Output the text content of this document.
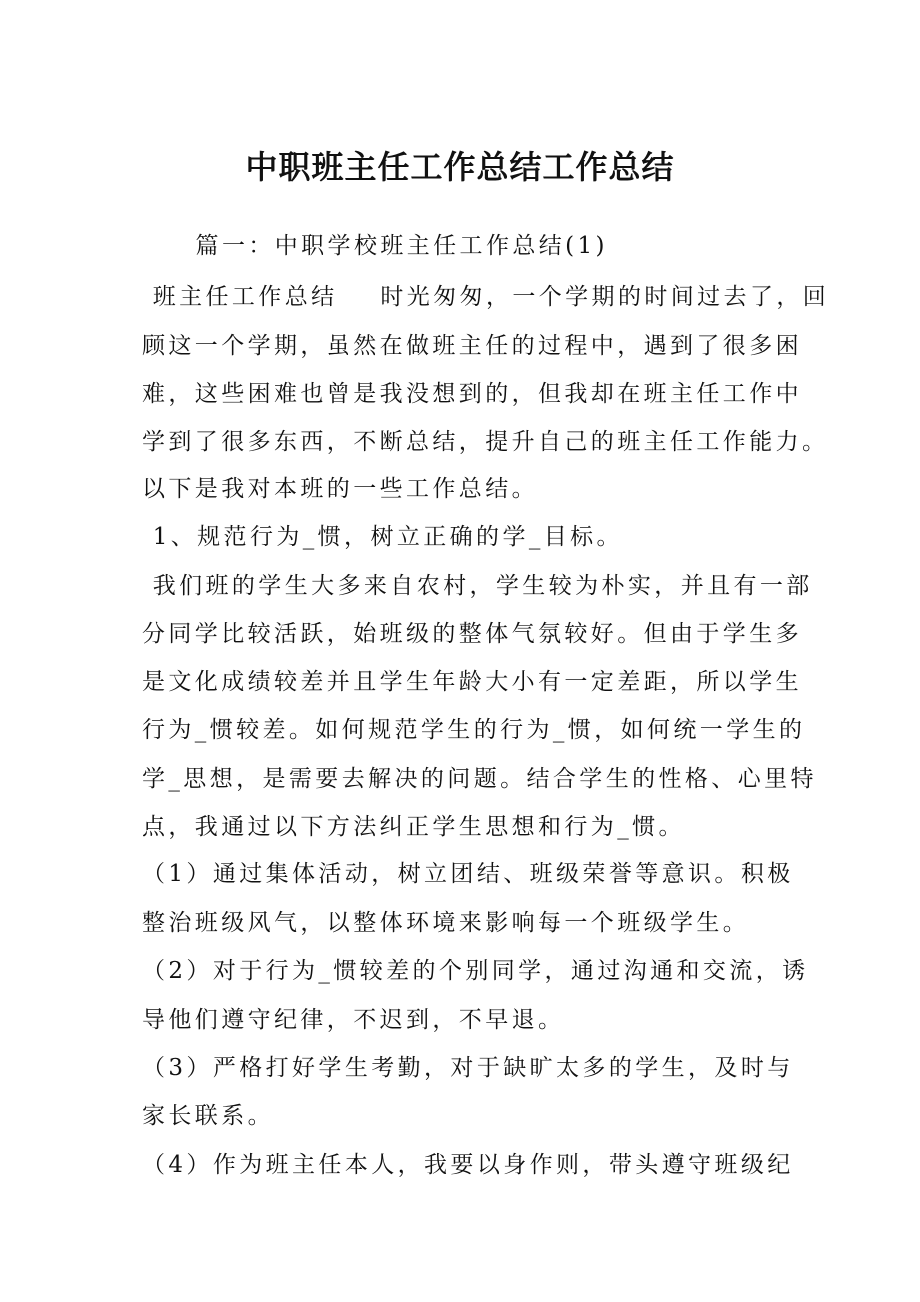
中职班主任工作总结工作总结

篇一：中职学校班主任工作总结(1)

班主任工作总结    时光匆匆，一个学期的时间过去了，回

顾这一个学期，虽然在做班主任的过程中，遇到了很多困

难，这些困难也曾是我没想到的，但我却在班主任工作中

学到了很多东西，不断总结，提升自己的班主任工作能力。

以下是我对本班的一些工作总结。

1、规范行为_惯，树立正确的学_目标。

我们班的学生大多来自农村，学生较为朴实，并且有一部

分同学比较活跃，始班级的整体气氛较好。但由于学生多

是文化成绩较差并且学生年龄大小有一定差距，所以学生

行为_惯较差。如何规范学生的行为_惯，如何统一学生的

学_思想，是需要去解决的问题。结合学生的性格、心里特

点，我通过以下方法纠正学生思想和行为_惯。

（1）通过集体活动，树立团结、班级荣誉等意识。积极

整治班级风气，以整体环境来影响每一个班级学生。

（2）对于行为_惯较差的个别同学，通过沟通和交流，诱

导他们遵守纪律，不迟到，不早退。

（3）严格打好学生考勤，对于缺旷太多的学生，及时与

家长联系。

（4）作为班主任本人，我要以身作则，带头遵守班级纪
